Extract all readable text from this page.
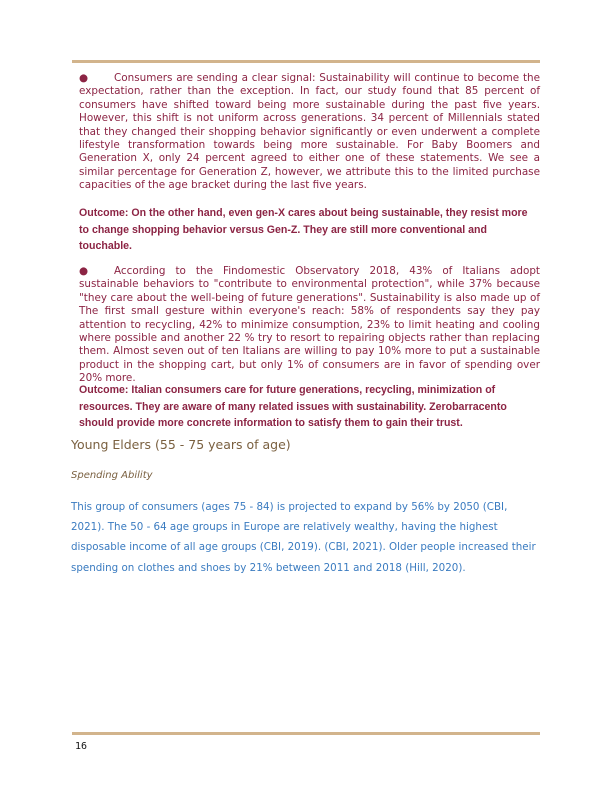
● Consumers are sending a clear signal: Sustainability will continue to become the expectation, rather than the exception. In fact, our study found that 85 percent of consumers have shifted toward being more sustainable during the past five years. However, this shift is not uniform across generations. 34 percent of Millennials stated that they changed their shopping behavior significantly or even underwent a complete lifestyle transformation towards being more sustainable. For Baby Boomers and Generation X, only 24 percent agreed to either one of these statements. We see a similar percentage for Generation Z, however, we attribute this to the limited purchase capacities of the age bracket during the last five years.

Outcome: On the other hand, even gen-X cares about being sustainable, they resist more to change shopping behavior versus Gen-Z. They are still more conventional and touchable.

● According to the Findomestic Observatory 2018, 43% of Italians adopt sustainable behaviors to "contribute to environmental protection", while 37% because "they care about the well-being of future generations". Sustainability is also made up of The first small gesture within everyone's reach: 58% of respondents say they pay attention to recycling, 42% to minimize consumption, 23% to limit heating and cooling where possible and another 22 % try to resort to repairing objects rather than replacing them. Almost seven out of ten Italians are willing to pay 10% more to put a sustainable product in the shopping cart, but only 1% of consumers are in favor of spending over 20% more.

Outcome: Italian consumers care for future generations, recycling, minimization of resources. They are aware of many related issues with sustainability. Zerobarracento should provide more concrete information to satisfy them to gain their trust.

Young Elders (55 - 75 years of age)
Spending Ability

This group of consumers (ages 75 - 84) is projected to expand by 56% by 2050 (CBI, 2021). The 50 - 64 age groups in Europe are relatively wealthy, having the highest disposable income of all age groups (CBI, 2019). (CBI, 2021). Older people increased their spending on clothes and shoes by 21% between 2011 and 2018 (Hill, 2020).

16
